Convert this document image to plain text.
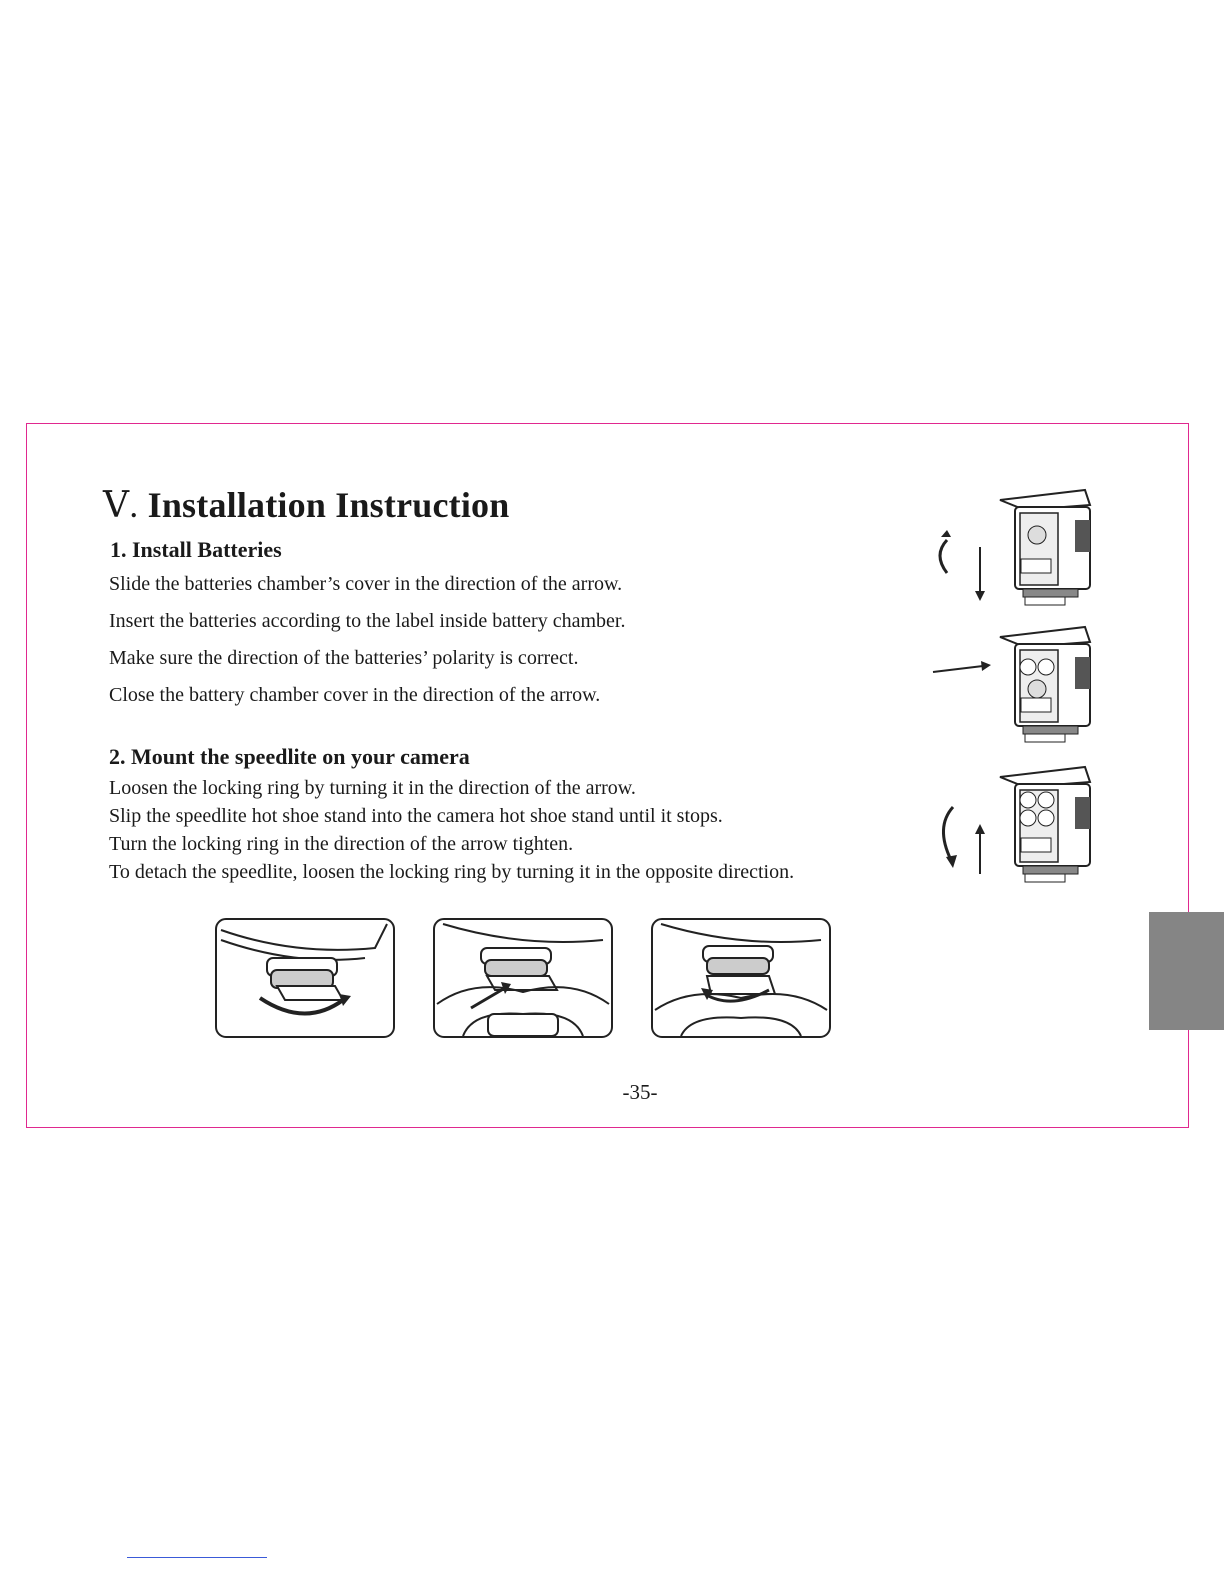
Ⅴ. Installation Instruction
1. Install Batteries

Slide the batteries chamber’s cover in the direction of the arrow.

Insert the batteries according to the label inside battery chamber.

Make sure the direction of the batteries’ polarity is correct.

Close the battery chamber cover in the direction of the arrow.

2. Mount the speedlite on your camera

Loosen the locking ring by turning it in the direction of the arrow.

Slip the speedlite hot shoe stand into the camera hot shoe stand until it stops.

Turn the locking ring in the direction of the arrow tighten.

To detach the speedlite, loosen the locking ring by turning it in the opposite direction.

-35-
